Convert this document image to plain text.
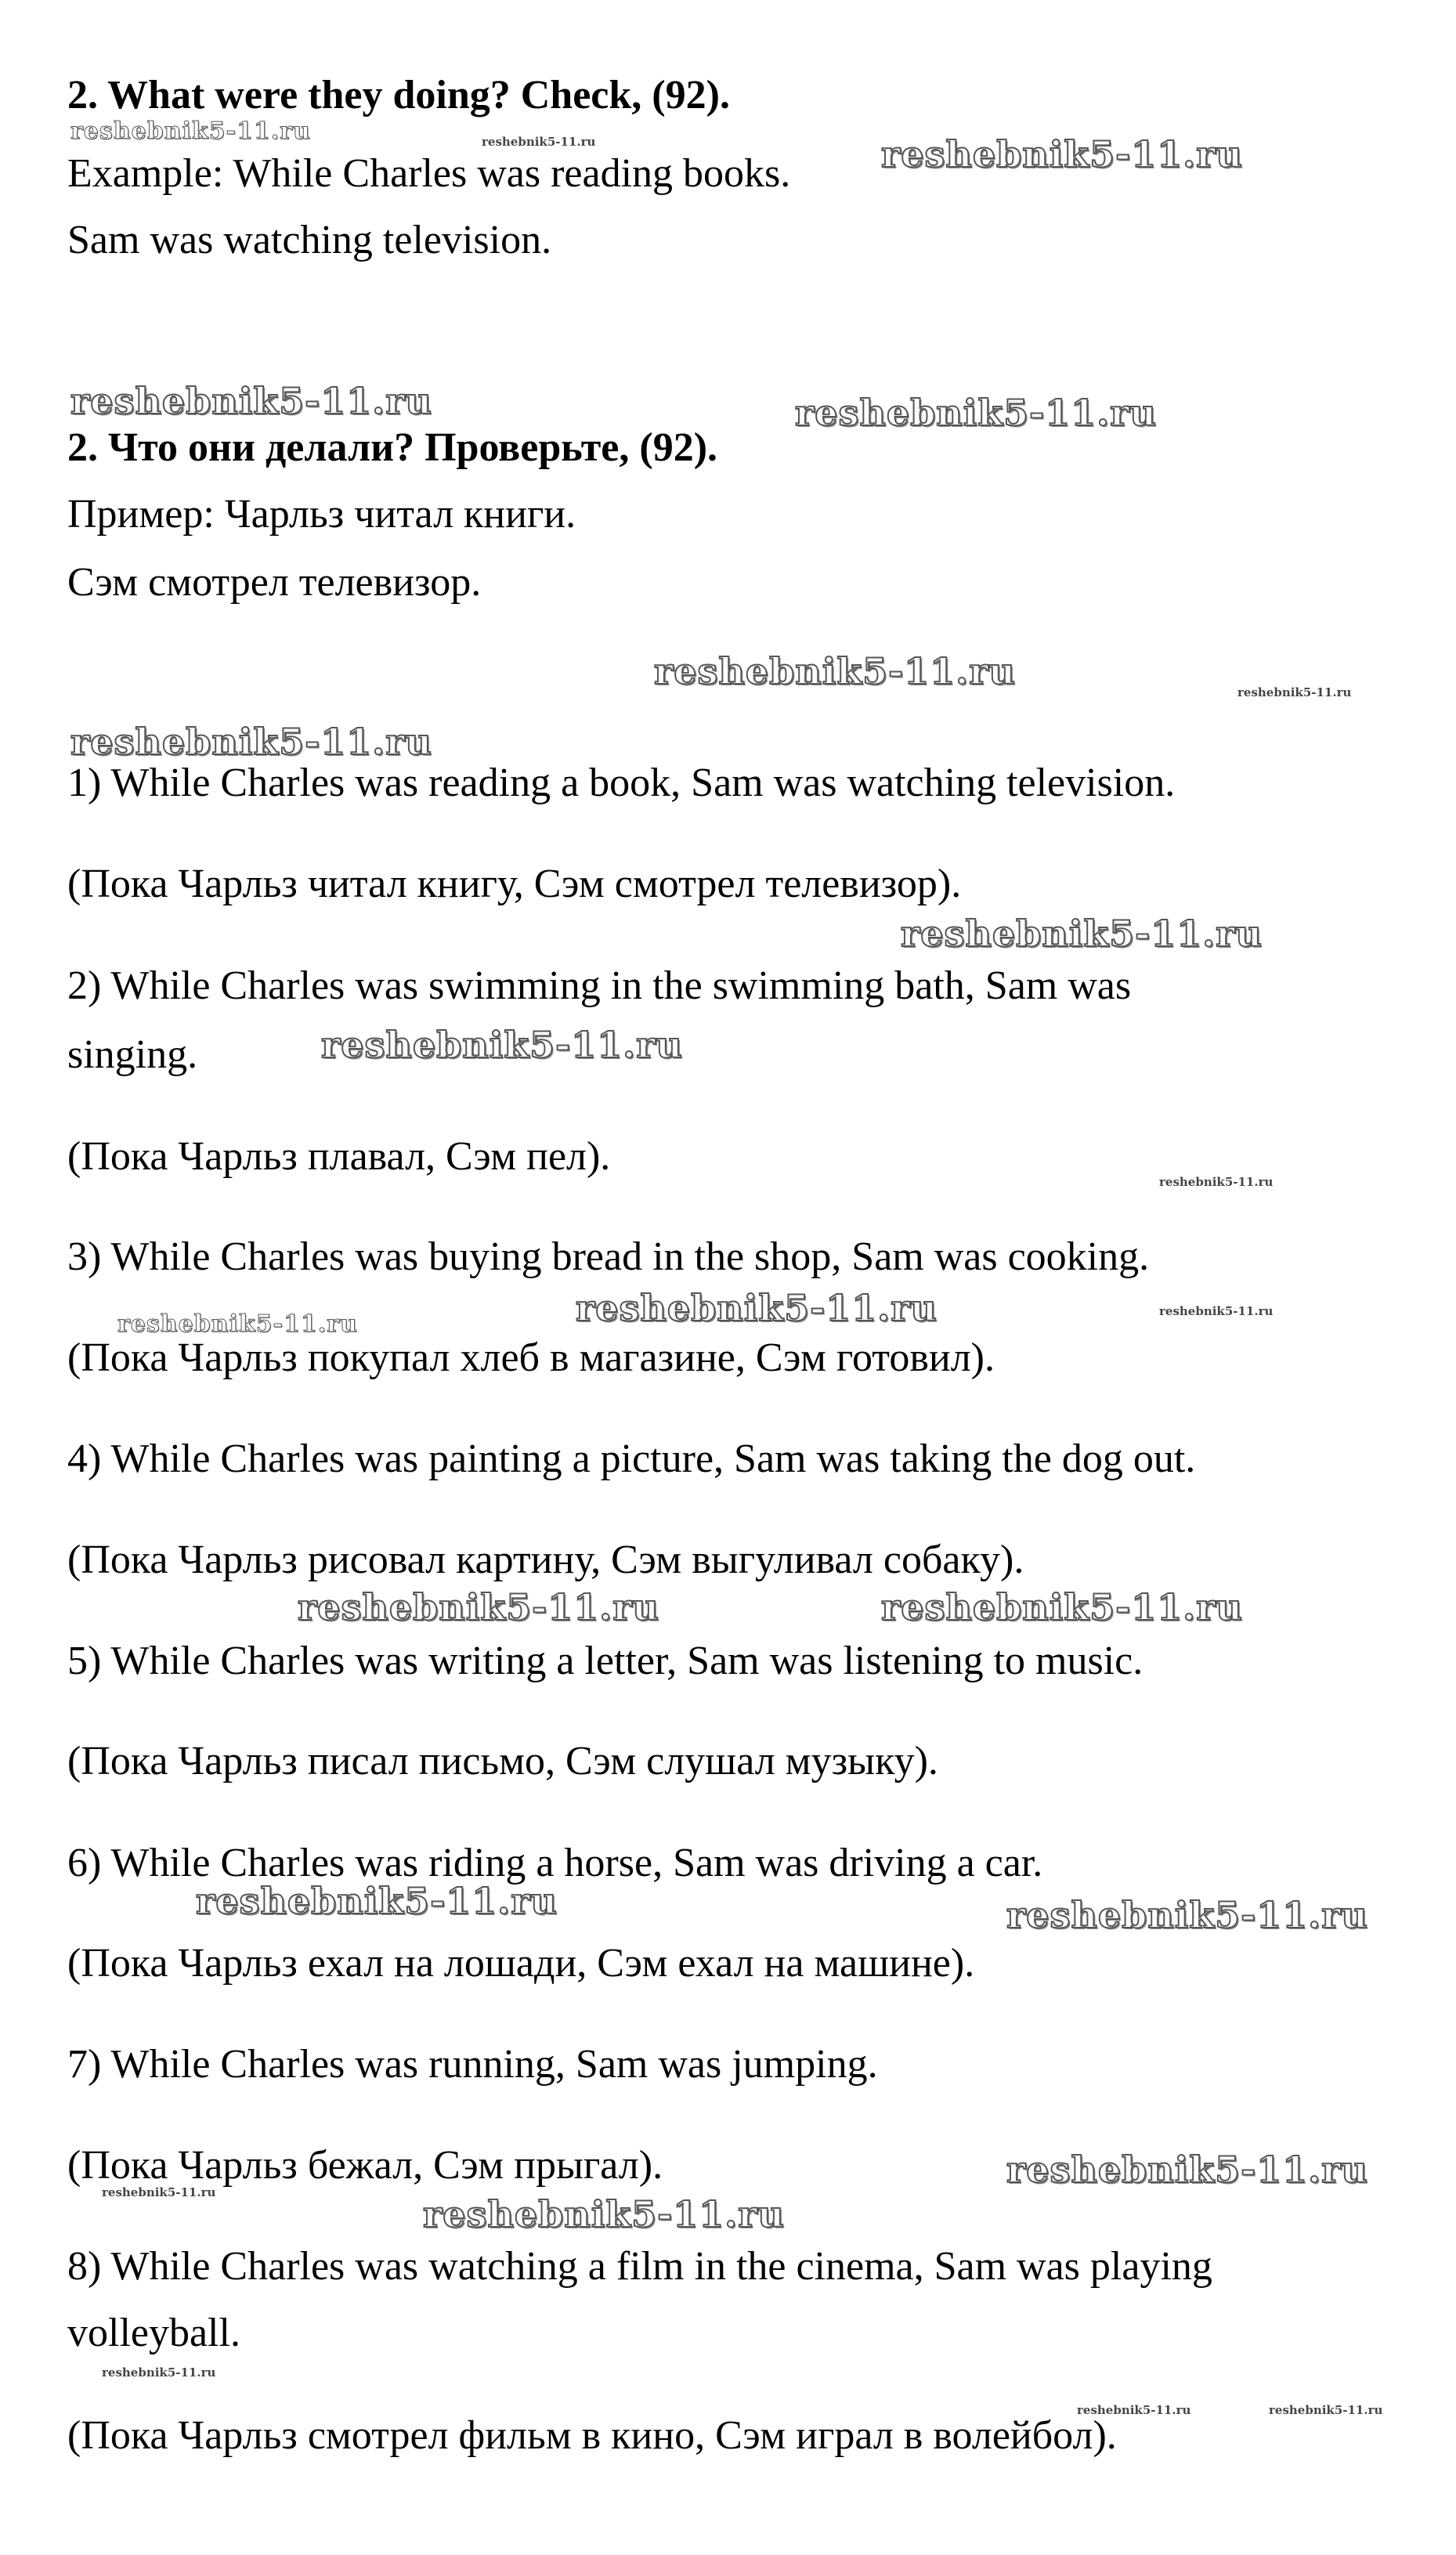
2. What were they doing? Check, (92).

Example: While Charles was reading books.

Sam was watching television.

2. Что они делали? Проверьте, (92).

Пример: Чарльз читал книги.

Сэм смотрел телевизор.

1) While Charles was reading a book, Sam was watching television.

(Пока Чарльз читал книгу, Сэм смотрел телевизор).

2) While Charles was swimming in the swimming bath, Sam was

singing.

(Пока Чарльз плавал, Сэм пел).

3) While Charles was buying bread in the shop, Sam was cooking.

(Пока Чарльз покупал хлеб в магазине, Сэм готовил).

4) While Charles was painting a picture, Sam was taking the dog out.

(Пока Чарльз рисовал картину, Сэм выгуливал собаку).

5) While Charles was writing a letter, Sam was listening to music.

(Пока Чарльз писал письмо, Сэм слушал музыку).

6) While Charles was riding a horse, Sam was driving a car.

(Пока Чарльз ехал на лошади, Сэм ехал на машине).

7) While Charles was running, Sam was jumping.

(Пока Чарльз бежал, Сэм прыгал).

8) While Charles was watching a film in the cinema, Sam was playing

volleyball.

(Пока Чарльз смотрел фильм в кино, Сэм играл в волейбол).

reshebnik5-11.ru	reshebnik5-11.ru	reshebnik5-11.ru
reshebnik5-11.ru	reshebnik5-11.ru
reshebnik5-11.ru	reshebnik5-11.ru
reshebnik5-11.ru
reshebnik5-11.ru
reshebnik5-11.ru
reshebnik5-11.ru
reshebnik5-11.ru	reshebnik5-11.ru
reshebnik5-11.ru
reshebnik5-11.ru	reshebnik5-11.ru
reshebnik5-11.ru	reshebnik5-11.ru
reshebnik5-11.ru
reshebnik5-11.ru
reshebnik5-11.ru
reshebnik5-11.ru
reshebnik5-11.ru	reshebnik5-11.ru
